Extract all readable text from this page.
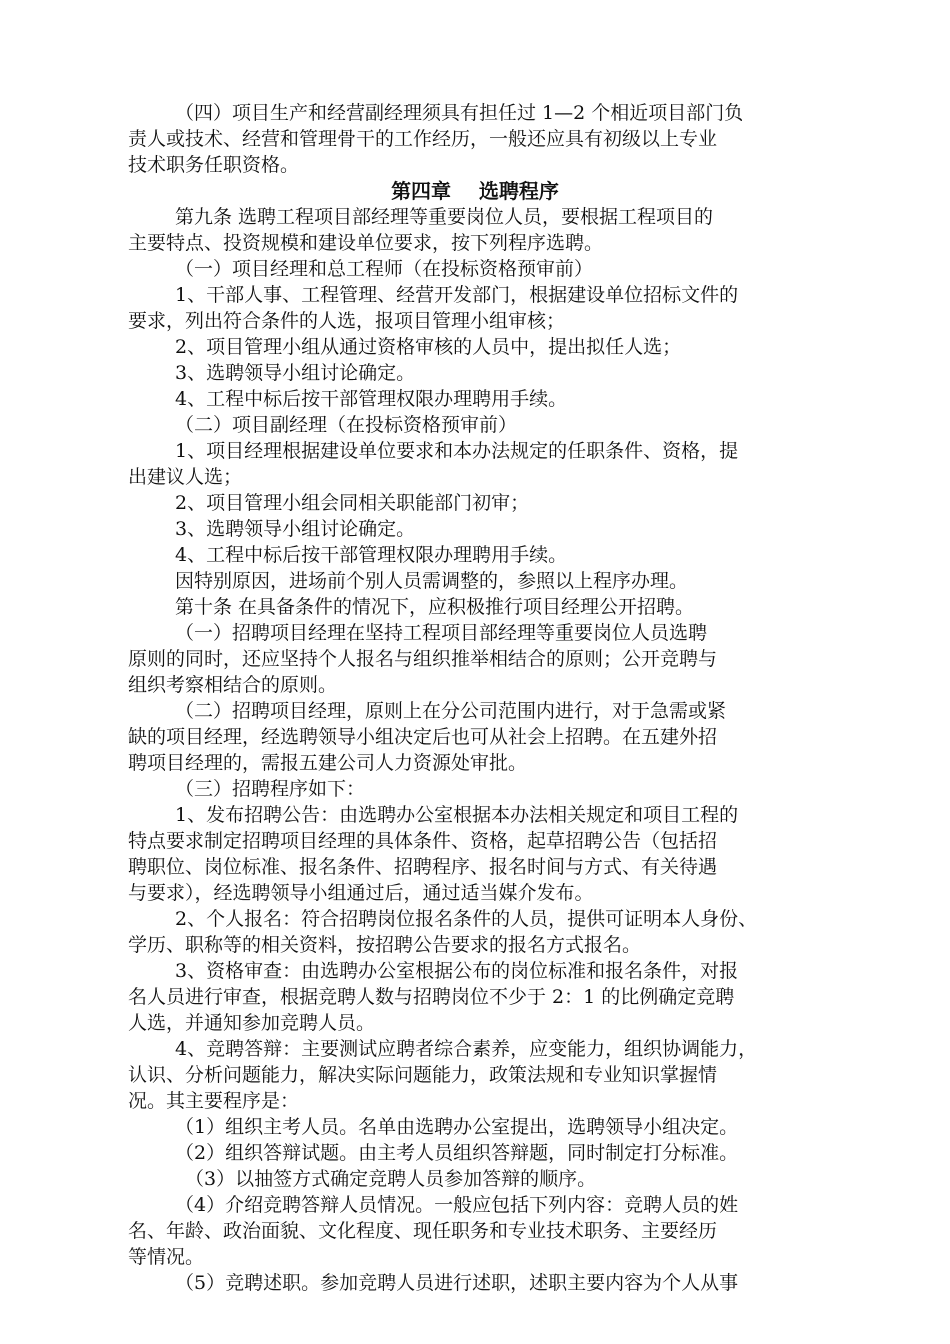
（四）项目生产和经营副经理须具有担任过 1—2 个相近项目部门负
责人或技术、经营和管理骨干的工作经历，一般还应具有初级以上专业
技术职务任职资格。
第四章    选聘程序
第九条 选聘工程项目部经理等重要岗位人员，要根据工程项目的
主要特点、投资规模和建设单位要求，按下列程序选聘。
（一）项目经理和总工程师（在投标资格预审前）
1、干部人事、工程管理、经营开发部门，根据建设单位招标文件的
要求，列出符合条件的人选，报项目管理小组审核；
2、项目管理小组从通过资格审核的人员中，提出拟任人选；
3、选聘领导小组讨论确定。
4、工程中标后按干部管理权限办理聘用手续。
（二）项目副经理（在投标资格预审前）
1、项目经理根据建设单位要求和本办法规定的任职条件、资格，提
出建议人选；
2、项目管理小组会同相关职能部门初审；
3、选聘领导小组讨论确定。
4、工程中标后按干部管理权限办理聘用手续。
因特别原因，进场前个别人员需调整的，参照以上程序办理。
第十条 在具备条件的情况下，应积极推行项目经理公开招聘。
（一）招聘项目经理在坚持工程项目部经理等重要岗位人员选聘
原则的同时，还应坚持个人报名与组织推举相结合的原则；公开竞聘与
组织考察相结合的原则。
（二）招聘项目经理，原则上在分公司范围内进行，对于急需或紧
缺的项目经理，经选聘领导小组决定后也可从社会上招聘。在五建外招
聘项目经理的，需报五建公司人力资源处审批。
（三）招聘程序如下：
1、发布招聘公告：由选聘办公室根据本办法相关规定和项目工程的
特点要求制定招聘项目经理的具体条件、资格，起草招聘公告（包括招
聘职位、岗位标准、报名条件、招聘程序、报名时间与方式、有关待遇
与要求），经选聘领导小组通过后，通过适当媒介发布。
2、个人报名：符合招聘岗位报名条件的人员，提供可证明本人身份、
学历、职称等的相关资料，按招聘公告要求的报名方式报名。
3、资格审查：由选聘办公室根据公布的岗位标准和报名条件，对报
名人员进行审查，根据竞聘人数与招聘岗位不少于 2：1 的比例确定竞聘
人选，并通知参加竞聘人员。
4、竞聘答辩：主要测试应聘者综合素养，应变能力，组织协调能力，
认识、分析问题能力，解决实际问题能力，政策法规和专业知识掌握情
况。其主要程序是：
（1）组织主考人员。名单由选聘办公室提出，选聘领导小组决定。
（2）组织答辩试题。由主考人员组织答辩题，同时制定打分标准。
（3）以抽签方式确定竞聘人员参加答辩的顺序。
（4）介绍竞聘答辩人员情况。一般应包括下列内容：竞聘人员的姓
名、年龄、政治面貌、文化程度、现任职务和专业技术职务、主要经历
等情况。
（5）竞聘述职。参加竞聘人员进行述职，述职主要内容为个人从事
